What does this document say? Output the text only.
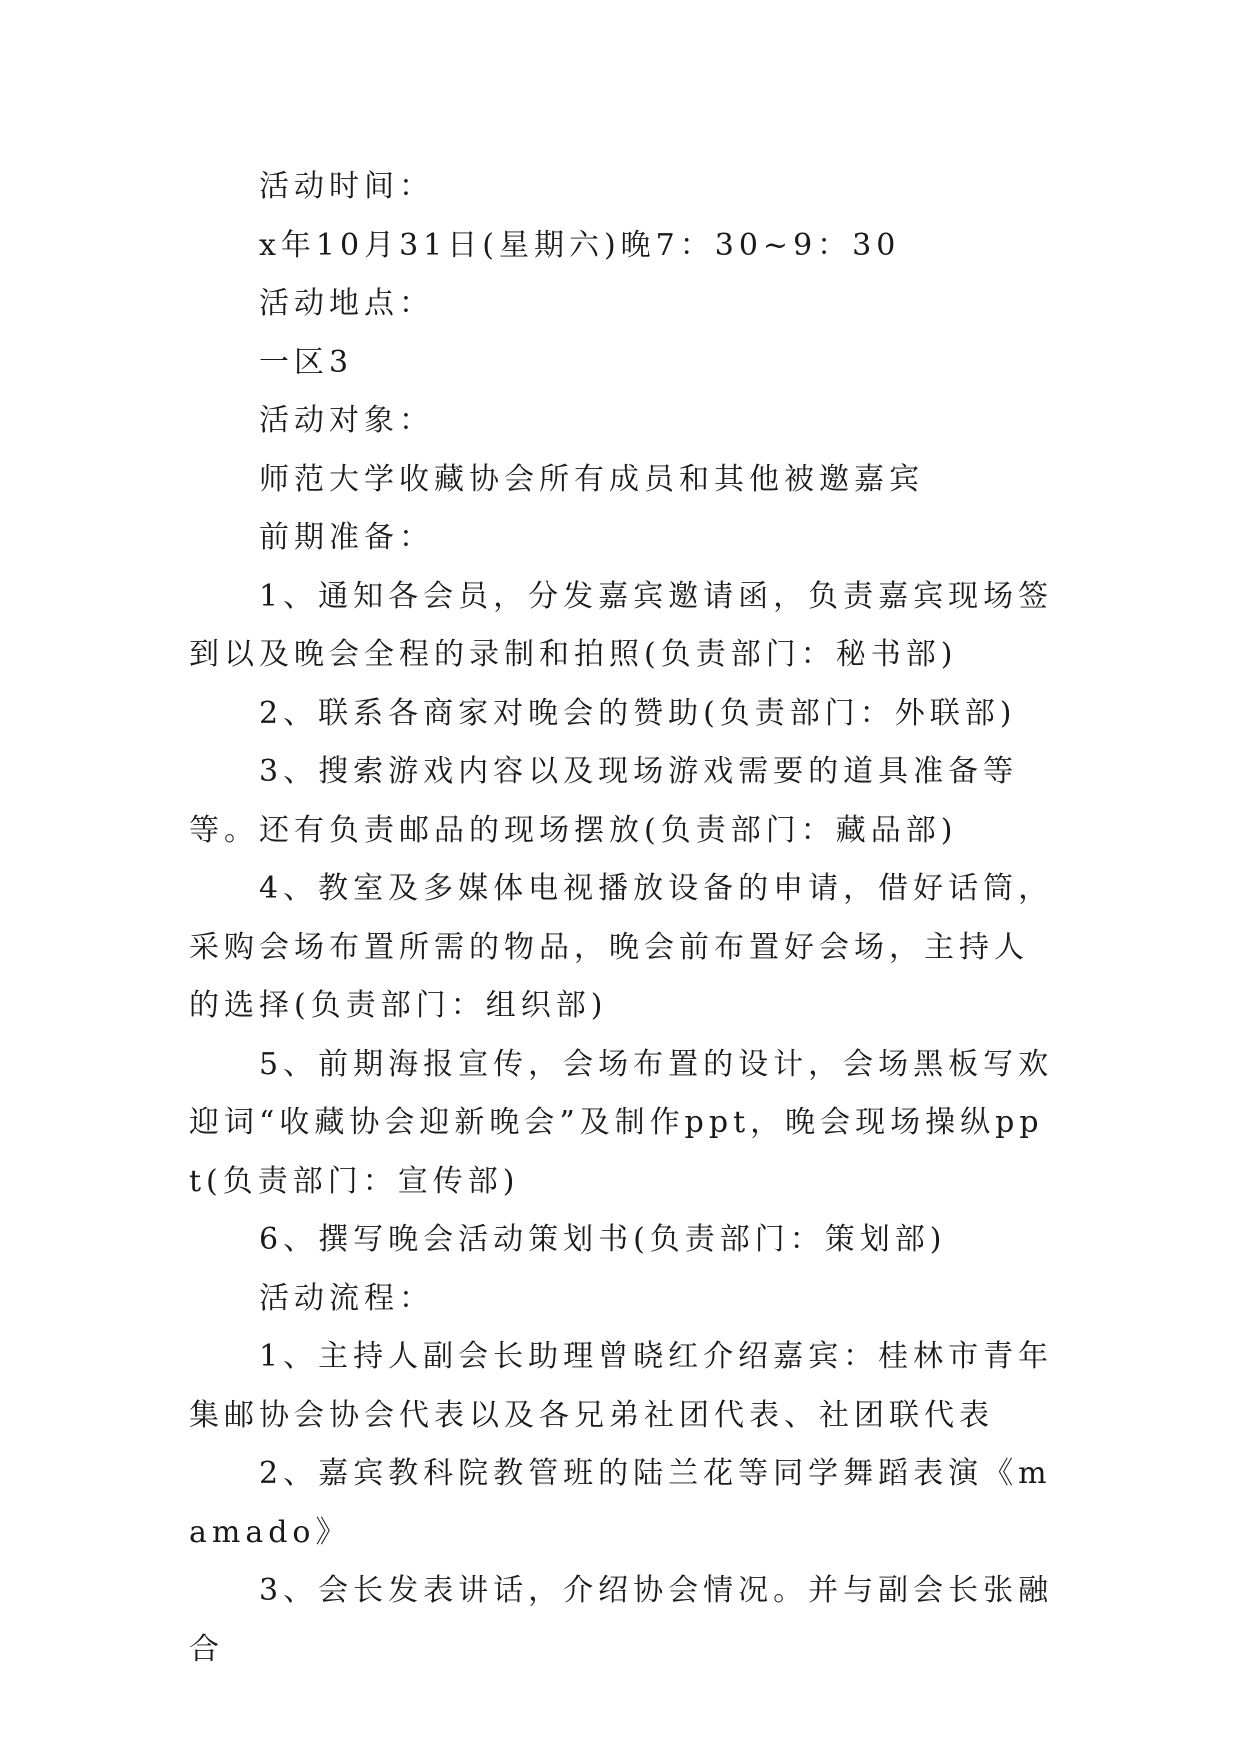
活动时间：

x年10月31日(星期六)晚7：30~9：30

活动地点：

一区3

活动对象：

师范大学收藏协会所有成员和其他被邀嘉宾

前期准备：

1、通知各会员，分发嘉宾邀请函，负责嘉宾现场签到以及晚会全程的录制和拍照(负责部门：秘书部)

2、联系各商家对晚会的赞助(负责部门：外联部)

3、搜索游戏内容以及现场游戏需要的道具准备等等。还有负责邮品的现场摆放(负责部门：藏品部)

4、教室及多媒体电视播放设备的申请，借好话筒，采购会场布置所需的物品，晚会前布置好会场，主持人的选择(负责部门：组织部)

5、前期海报宣传，会场布置的设计，会场黑板写欢迎词“收藏协会迎新晚会”及制作ppt，晚会现场操纵ppt(负责部门：宣传部)

6、撰写晚会活动策划书(负责部门：策划部)

活动流程：

1、主持人副会长助理曾晓红介绍嘉宾：桂林市青年集邮协会协会代表以及各兄弟社团代表、社团联代表

2、嘉宾教科院教管班的陆兰花等同学舞蹈表演《mamado》

3、会长发表讲话，介绍协会情况。并与副会长张融合
